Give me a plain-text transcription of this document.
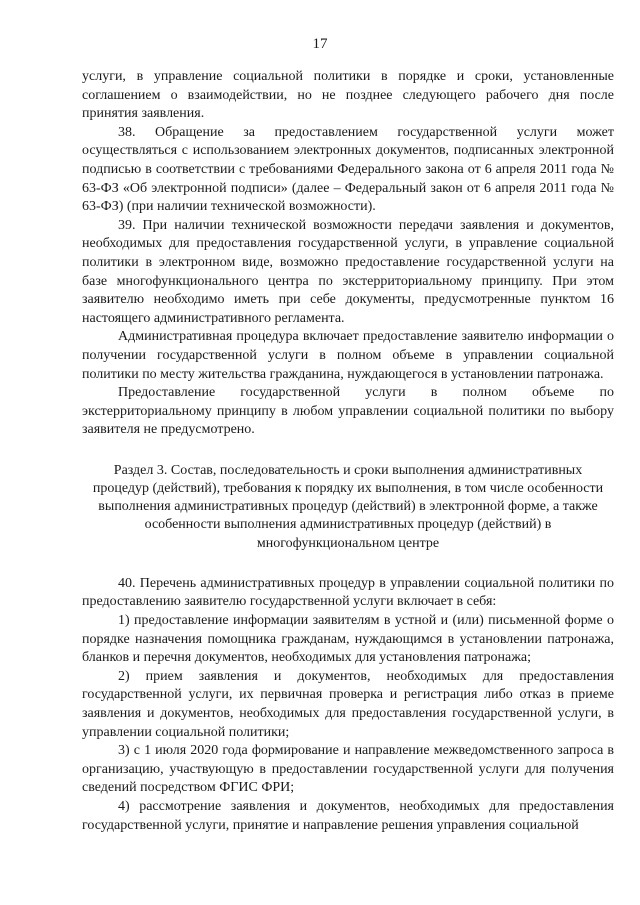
17

услуги, в управление социальной политики в порядке и сроки, установленные соглашением о взаимодействии, но не позднее следующего рабочего дня после принятия заявления.

38. Обращение за предоставлением государственной услуги может осуществляться с использованием электронных документов, подписанных электронной подписью в соответствии с требованиями Федерального закона от 6 апреля 2011 года № 63-ФЗ «Об электронной подписи» (далее – Федеральный закон от 6 апреля 2011 года № 63-ФЗ) (при наличии технической возможности).

39. При наличии технической возможности передачи заявления и документов, необходимых для предоставления государственной услуги, в управление социальной политики в электронном виде, возможно предоставление государственной услуги на базе многофункционального центра по экстерриториальному принципу. При этом заявителю необходимо иметь при себе документы, предусмотренные пунктом 16 настоящего административного регламента.

Административная процедура включает предоставление заявителю информации о получении государственной услуги в полном объеме в управлении социальной политики по месту жительства гражданина, нуждающегося в установлении патронажа.

Предоставление государственной услуги в полном объеме по экстерриториальному принципу в любом управлении социальной политики по выбору заявителя не предусмотрено.

Раздел 3. Состав, последовательность и сроки выполнения административных процедур (действий), требования к порядку их выполнения, в том числе особенности выполнения административных процедур (действий) в электронной форме, а также особенности выполнения административных процедур (действий) в многофункциональном центре

40. Перечень административных процедур в управлении социальной политики по предоставлению заявителю государственной услуги включает в себя:

1) предоставление информации заявителям в устной и (или) письменной форме о порядке назначения помощника гражданам, нуждающимся в установлении патронажа, бланков и перечня документов, необходимых для установления патронажа;

2) прием заявления и документов, необходимых для предоставления государственной услуги, их первичная проверка и регистрация либо отказ в приеме заявления и документов, необходимых для предоставления государственной услуги, в управлении социальной политики;

3) с 1 июля 2020 года формирование и направление межведомственного запроса в организацию, участвующую в предоставлении государственной услуги для получения сведений посредством ФГИС ФРИ;

4) рассмотрение заявления и документов, необходимых для предоставления государственной услуги, принятие и направление решения управления социальной
